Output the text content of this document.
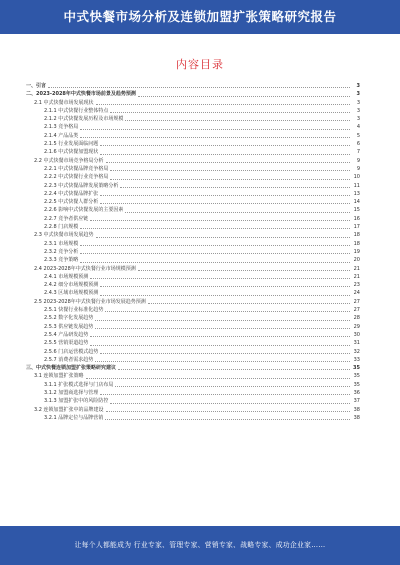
中式快餐市场分析及连锁加盟扩张策略研究报告
内容目录
一、引言	3
二、2023-2028年中式快餐市场前景及趋势预测	3
2.1 中式快餐市场发展现状	3
2.1.1 中式快餐行业整体特点	3
2.1.2 中式快餐发展历程及市场规模	3
2.1.3 竞争格局	4
2.1.4 产品品类	5
2.1.5 行业发展面临问题	6
2.1.6 中式快餐加盟现状	7
2.2 中式快餐市场竞争格局分析	9
2.2.1 中式快餐品牌竞争格局	9
2.2.2 中式快餐行业竞争格局	10
2.2.3 中式快餐品牌发展策略分析	11
2.2.4 中式快餐品牌扩张	13
2.2.5 中式快餐人群分析	14
2.2.6 影响中式快餐发展的主要因素	15
2.2.7 竞争者供应链	16
2.2.8 门店规模	17
2.3 中式快餐市场发展趋势	18
2.3.1 市场规模	18
2.3.2 竞争分析	19
2.3.3 竞争策略	20
2.4 2023-2028年中式快餐行业市场规模预测	21
2.4.1 市场规模预测	21
2.4.2 细分市场规模预测	23
2.4.3 区域市场规模预测	24
2.5 2023-2028年中式快餐行业市场发展趋势预测	27
2.5.1 快餐行业标准化趋势	27
2.5.2 数字化发展趋势	28
2.5.3 供应链发展趋势	29
2.5.4 产品研发趋势	30
2.5.5 营销渠道趋势	31
2.5.6 门店运营模式趋势	32
2.5.7 消费者需求趋势	33
三、中式快餐连锁加盟扩张策略研究建议	35
3.1 连锁加盟扩张策略	35
3.1.1 扩张模式选择与门店布局	35
3.1.2 加盟商选择与管理	36
3.1.3 加盟扩张中的风险防控	37
3.2 连锁加盟扩张中的品牌建设	38
3.2.1 品牌定位与品牌营销	38
让每个人都能成为 行业专家、管理专家、营销专家、战略专家、成功企业家……
